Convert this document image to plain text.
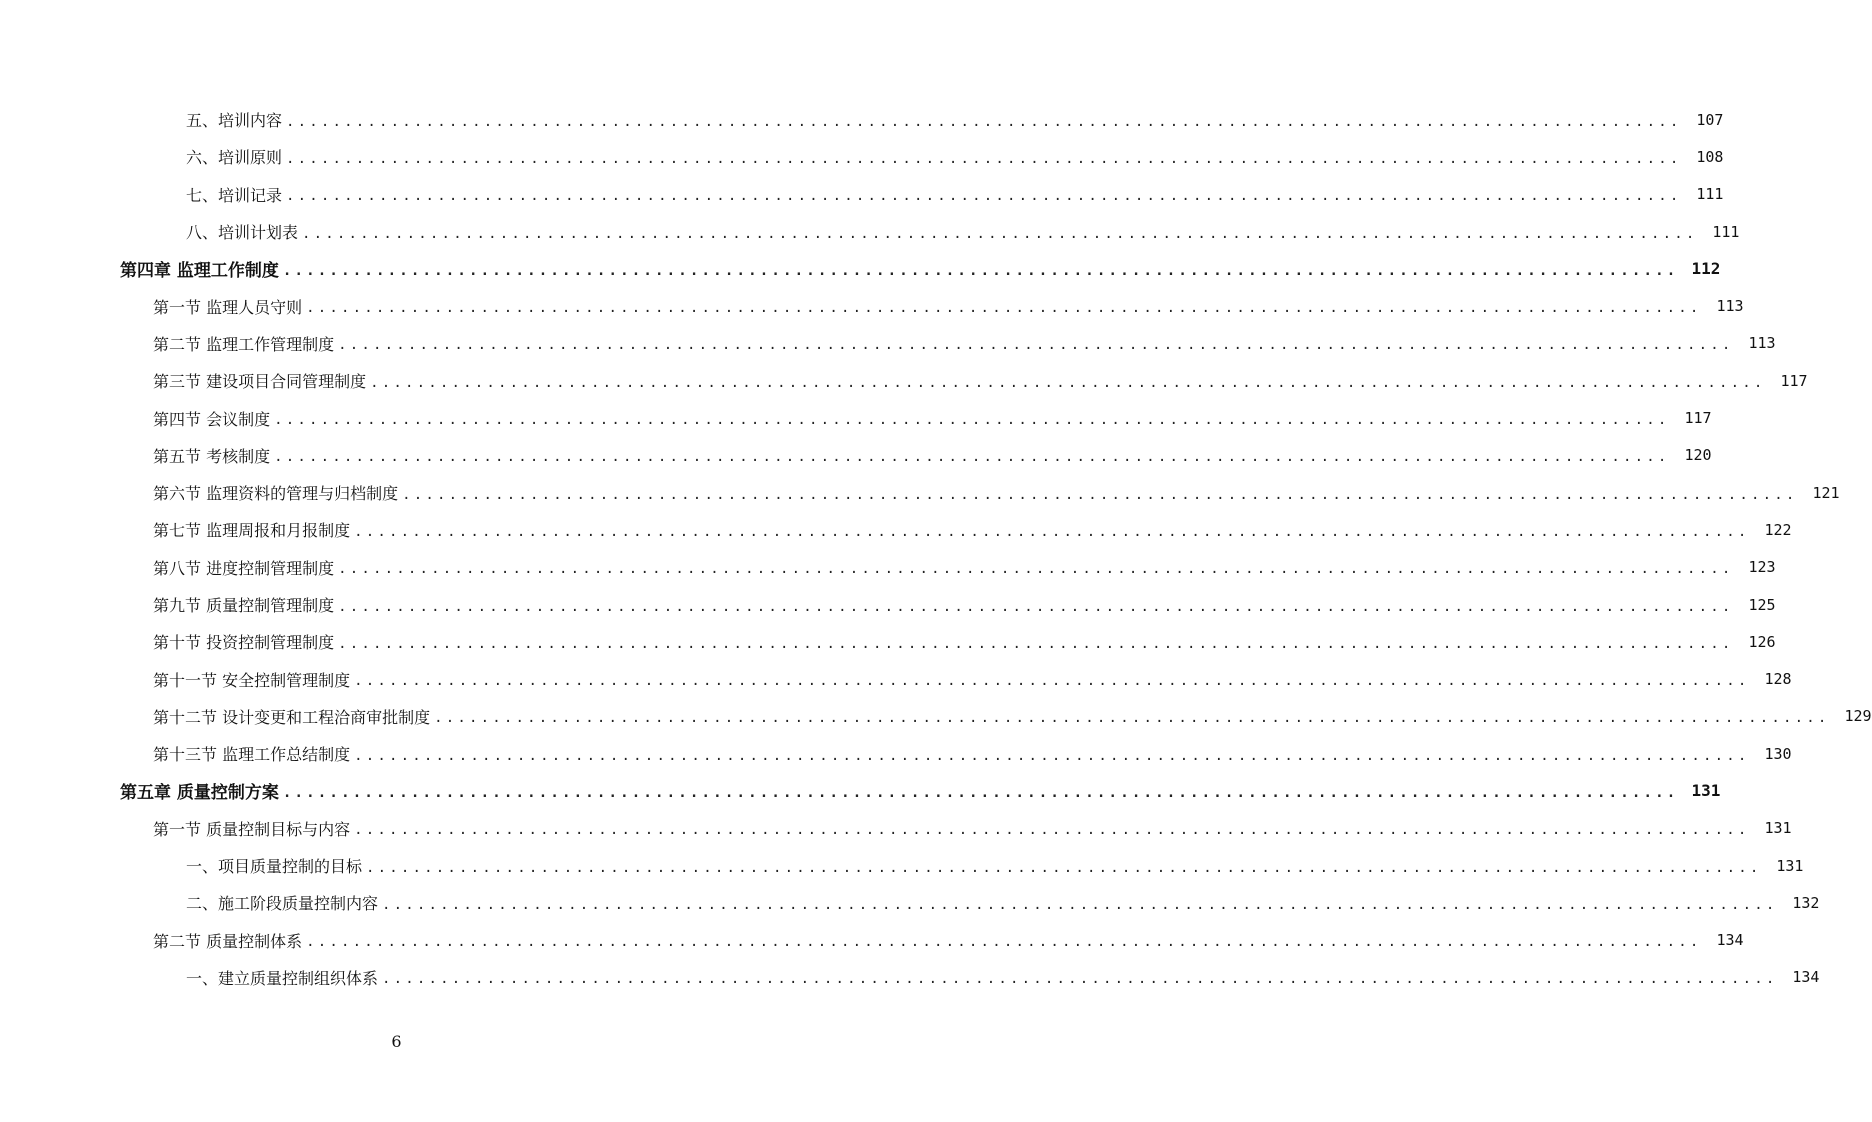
五、培训内容 ........................................................................................................................ 107
六、培训原则 ........................................................................................................................ 108
七、培训记录 ........................................................................................................................ 111
八、培训计划表 ........................................................................................................................ 111
第四章 监理工作制度 ........................................................................................................................ 112
第一节 监理人员守则 ........................................................................................................................ 113
第二节 监理工作管理制度 ........................................................................................................................ 113
第三节 建设项目合同管理制度 ........................................................................................................................ 117
第四节 会议制度 ........................................................................................................................ 117
第五节 考核制度 ........................................................................................................................ 120
第六节 监理资料的管理与归档制度 ........................................................................................................................ 121
第七节 监理周报和月报制度 ........................................................................................................................ 122
第八节 进度控制管理制度 ........................................................................................................................ 123
第九节 质量控制管理制度 ........................................................................................................................ 125
第十节 投资控制管理制度 ........................................................................................................................ 126
第十一节 安全控制管理制度 ........................................................................................................................ 128
第十二节 设计变更和工程洽商审批制度 ........................................................................................................................ 129
第十三节 监理工作总结制度 ........................................................................................................................ 130
第五章 质量控制方案 ........................................................................................................................ 131
第一节 质量控制目标与内容 ........................................................................................................................ 131
一、项目质量控制的目标 ........................................................................................................................ 131
二、施工阶段质量控制内容 ........................................................................................................................ 132
第二节 质量控制体系 ........................................................................................................................ 134
一、建立质量控制组织体系 ........................................................................................................................ 134
6
